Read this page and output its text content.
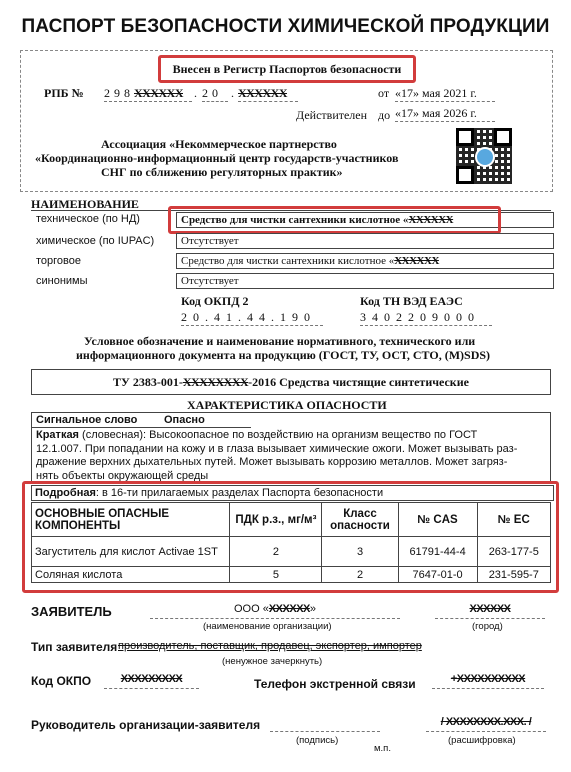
ПАСПОРТ БЕЗОПАСНОСТИ ХИМИЧЕСКОЙ ПРОДУКЦИИ
Внесен в Регистр Паспортов безопасности
РПБ № 2 9 8 XXXXXX . 2 0	. XXXXXX	от «17» мая 2021 г.
Действителен до «17» мая 2026 г.
Ассоциация «Некоммерческое партнерство
«Координационно-информационный центр государств-участников
СНГ по сближению регуляторных практик»
НАИМЕНОВАНИЕ
техническое (по НД)	Средство для чистки сантехники кислотное «XXXXXX
химическое (по IUPAC)	Отсутствует
торговое	Средство для чистки сантехники кислотное «XXXXXX
синонимы	Отсутствует
Код ОКПД 2
2 0 . 4 1 . 4 4 . 1 9 0
Код ТН ВЭД ЕАЭС
3 4 0 2 2 0 9 0 0 0
Условное обозначение и наименование нормативного, технического или
информационного документа на продукцию (ГОСТ, ТУ, ОСТ, СТО, (M)SDS)
ТУ 2383-001-XXXXXXXX-2016 Средства чистящие синтетические
ХАРАКТЕРИСТИКА ОПАСНОСТИ
Сигнальное слово Опасно
Краткая (словесная): Высокоопасное по воздействию на организм вещество по ГОСТ
12.1.007. При попадании на кожу и в глаза вызывает химические ожоги. Может вызывать раз-
дражение верхних дыхательных путей. Может вызывать коррозию металлов. Может загряз-
нять объекты окружающей среды
Подробная: в 16-ти прилагаемых разделах Паспорта безопасности
ОСНОВНЫЕ ОПАСНЫЕ КОМПОНЕНТЫ	ПДК р.з., мг/м³	Класс опасности	№ CAS	№ ЕС
Загуститель для кислот Activae 1ST	2	3	61791-44-4	263-177-5
Соляная кислота	5	2	7647-01-0	231-595-7
ЗАЯВИТЕЛЬ	ООО «XXXXXX»
(наименование организации)
XXXXXX
(город)
Тип заявителя производитель, поставщик, продавец, экспортер, импортер
(ненужное зачеркнуть)
Код ОКПО	XXXXXXXXX	Телефон экстренной связи	+XXXXXXXXXX
Руководитель организации-заявителя
(подпись)
/ XXXXXXXX.XXX. /
(расшифровка)
м.п.
